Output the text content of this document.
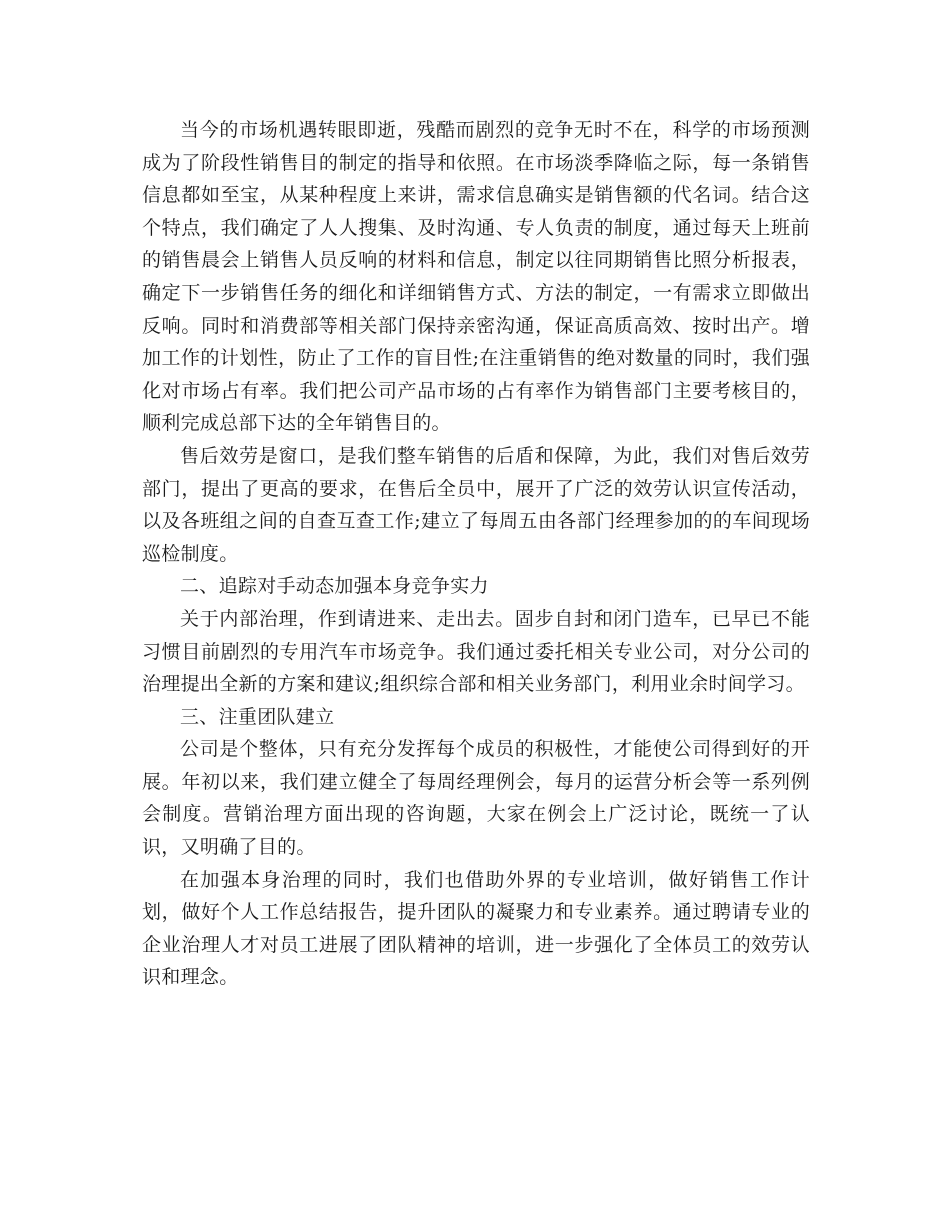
当今的市场机遇转眼即逝，残酷而剧烈的竞争无时不在，科学的市场预测成为了阶段性销售目的制定的指导和依照。在市场淡季降临之际，每一条销售信息都如至宝，从某种程度上来讲，需求信息确实是销售额的代名词。结合这个特点，我们确定了人人搜集、及时沟通、专人负责的制度，通过每天上班前的销售晨会上销售人员反响的材料和信息，制定以往同期销售比照分析报表，确定下一步销售任务的细化和详细销售方式、方法的制定，一有需求立即做出反响。同时和消费部等相关部门保持亲密沟通，保证高质高效、按时出产。增加工作的计划性，防止了工作的盲目性;在注重销售的绝对数量的同时，我们强化对市场占有率。我们把公司产品市场的占有率作为销售部门主要考核目的，顺利完成总部下达的全年销售目的。

售后效劳是窗口，是我们整车销售的后盾和保障，为此，我们对售后效劳部门，提出了更高的要求，在售后全员中，展开了广泛的效劳认识宣传活动，以及各班组之间的自查互查工作;建立了每周五由各部门经理参加的的车间现场巡检制度。

二、追踪对手动态加强本身竞争实力

关于内部治理，作到请进来、走出去。固步自封和闭门造车，已早已不能习惯目前剧烈的专用汽车市场竞争。我们通过委托相关专业公司，对分公司的治理提出全新的方案和建议;组织综合部和相关业务部门，利用业余时间学习。

三、注重团队建立

公司是个整体，只有充分发挥每个成员的积极性，才能使公司得到好的开展。年初以来，我们建立健全了每周经理例会，每月的运营分析会等一系列例会制度。营销治理方面出现的咨询题，大家在例会上广泛讨论，既统一了认识，又明确了目的。

在加强本身治理的同时，我们也借助外界的专业培训，做好销售工作计划，做好个人工作总结报告，提升团队的凝聚力和专业素养。通过聘请专业的企业治理人才对员工进展了团队精神的培训，进一步强化了全体员工的效劳认识和理念。
